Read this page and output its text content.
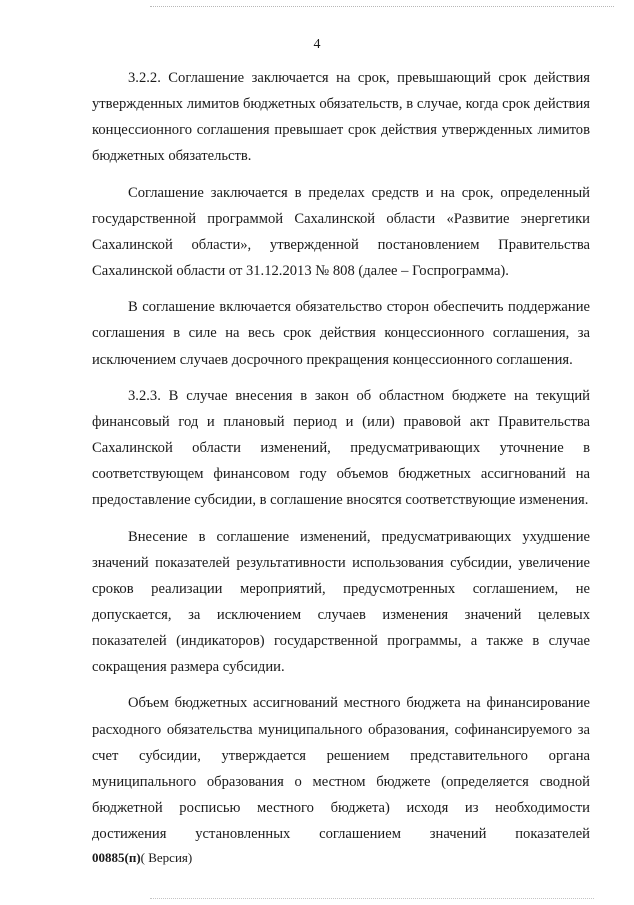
4

3.2.2. Соглашение заключается на срок, превышающий срок действия утвержденных лимитов бюджетных обязательств, в случае, когда срок действия концессионного соглашения превышает срок действия утвержденных лимитов бюджетных обязательств.

Соглашение заключается в пределах средств и на срок, определенный государственной программой Сахалинской области «Развитие энергетики Сахалинской области», утвержденной постановлением Правительства Сахалинской области от 31.12.2013 № 808 (далее – Госпрограмма).

В соглашение включается обязательство сторон обеспечить поддержание соглашения в силе на весь срок действия концессионного соглашения, за исключением случаев досрочного прекращения концессионного соглашения.

3.2.3. В случае внесения в закон об областном бюджете на текущий финансовый год и плановый период и (или) правовой акт Правительства Сахалинской области изменений, предусматривающих уточнение в соответствующем финансовом году объемов бюджетных ассигнований на предоставление субсидии, в соглашение вносятся соответствующие изменения.

Внесение в соглашение изменений, предусматривающих ухудшение значений показателей результативности использования субсидии, увеличение сроков реализации мероприятий, предусмотренных соглашением, не допускается, за исключением случаев изменения значений целевых показателей (индикаторов) государственной программы, а также в случае сокращения размера субсидии.

Объем бюджетных ассигнований местного бюджета на финансирование расходного обязательства муниципального образования, софинансируемого за счет субсидии, утверждается решением представительного органа муниципального образования о местном бюджете (определяется сводной бюджетной росписью местного бюджета) исходя из необходимости достижения установленных соглашением значений показателей

00885(п)( Версия)
